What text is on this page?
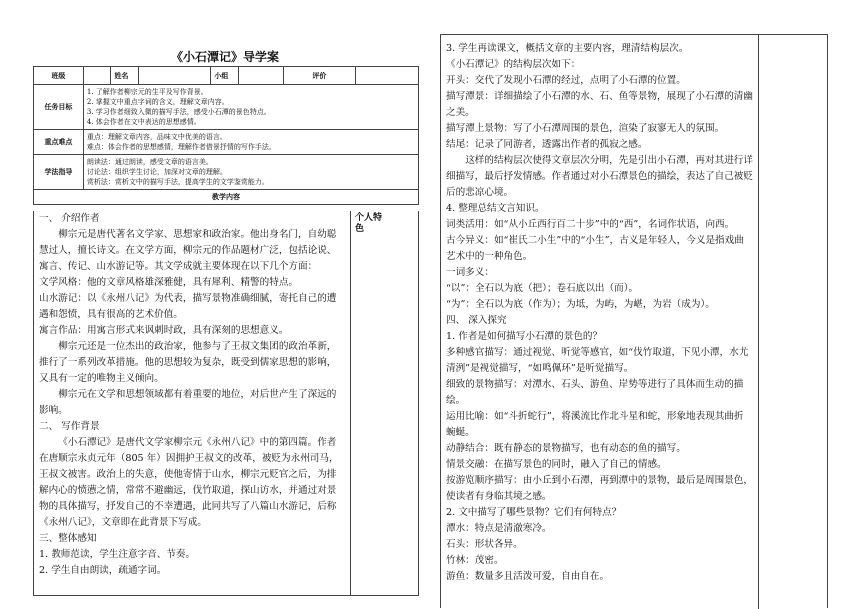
《小石潭记》导学案
班级		姓名		小组		评价	
任务目标	1. 了解作者柳宗元的生平及写作背景。
2. 掌握文中重点字词的含义，理解文章内容。
3. 学习作者细致入微的描写手法，感受小石潭的景色特点。
4. 体会作者在文中表达的思想感情。						

重点难点	重点：理解文章内容，品味文中优美的语言。
难点：体会作者的思想感情，理解作者借景抒情的写作手法。						

学法指导	朗读法：通过朗读，感受文章的语言美。
讨论法：组织学生讨论，加深对文章的理解。
赏析法：赏析文中的描写手法，提高学生的文学鉴赏能力。						

教学内容							

一、 介绍作者

柳宗元是唐代著名文学家、思想家和政治家。他出身名门，自幼聪慧过人，擅长诗文。在文学方面，柳宗元的作品题材广泛，包括论说、寓言、传记、山水游记等。其文学成就主要体现在以下几个方面：

文学风格：他的文章风格雄深雅健，具有犀利、精警的特点。

山水游记：以《永州八记》为代表，描写景物准确细腻，寄托自己的遭遇和怨愤，具有很高的艺术价值。

寓言作品：用寓言形式来讽刺时政，具有深刻的思想意义。

柳宗元还是一位杰出的政治家，他参与了王叔文集团的政治革新，推行了一系列改革措施。他的思想较为复杂，既受到儒家思想的影响，又具有一定的唯物主义倾向。

柳宗元在文学和思想领域都有着重要的地位，对后世产生了深远的影响。

二、 写作背景

《小石潭记》是唐代文学家柳宗元《永州八记》中的第四篇。作者在唐顺宗永贞元年（805 年）因拥护王叔文的改革，被贬为永州司马，王叔文被害。政治上的失意，使他寄情于山水，柳宗元贬官之后，为排解内心的愤懑之情，常常不避幽远，伐竹取道，探山访水，并通过对景物的具体描写，抒发自己的不幸遭遇，此同共写了八篇山水游记，后称《永州八记》，文章即在此背景下写成。

三、整体感知

1. 教师范读，学生注意字音、节奏。

2. 学生自由朗读，疏通字词。

个人特色

3. 学生再读课文，概括文章的主要内容，理清结构层次。

《小石潭记》的结构层次如下：

开头：交代了发现小石潭的经过，点明了小石潭的位置。

描写潭景：详细描绘了小石潭的水、石、鱼等景物，展现了小石潭的清幽之美。

描写潭上景物：写了小石潭周围的景色，渲染了寂寥无人的氛围。

结尾：记录了同游者，透露出作者的孤寂之感。

这样的结构层次使得文章层次分明，先是引出小石潭，再对其进行详细描写，最后抒发情感。作者通过对小石潭景色的描绘，表达了自己被贬后的悲凉心境。

4. 整理总结文言知识。

词类活用：如“从小丘西行百二十步”中的“西”，名词作状语，向西。

古今异义：如“崔氏二小生”中的“小生”，古义是年轻人，今义是指戏曲艺术中的一种角色。

一词多义：

“以”：全石以为底（把）；卷石底以出（而）。

“为”：全石以为底（作为）；为坻，为屿，为嵁，为岩（成为）。

四、 深入探究

1. 作者是如何描写小石潭的景色的？

多种感官描写：通过视觉、听觉等感官，如“伐竹取道，下见小潭，水尤清洌”是视觉描写，“如鸣佩环”是听觉描写。

细致的景物描写：对潭水、石头、游鱼、岸势等进行了具体而生动的描绘。

运用比喻：如“斗折蛇行”，将溪流比作北斗星和蛇，形象地表现其曲折蜿蜒。

动静结合：既有静态的景物描写，也有动态的鱼的描写。

情景交融：在描写景色的同时，融入了自己的情感。

按游览顺序描写：由小丘到小石潭，再到潭中的景物，最后是周围景色，使读者有身临其境之感。

2. 文中描写了哪些景物？它们有何特点？

潭水：特点是清澈寒冷。

石头：形状各异。

竹林：茂密。

游鱼：数量多且活泼可爱，自由自在。
